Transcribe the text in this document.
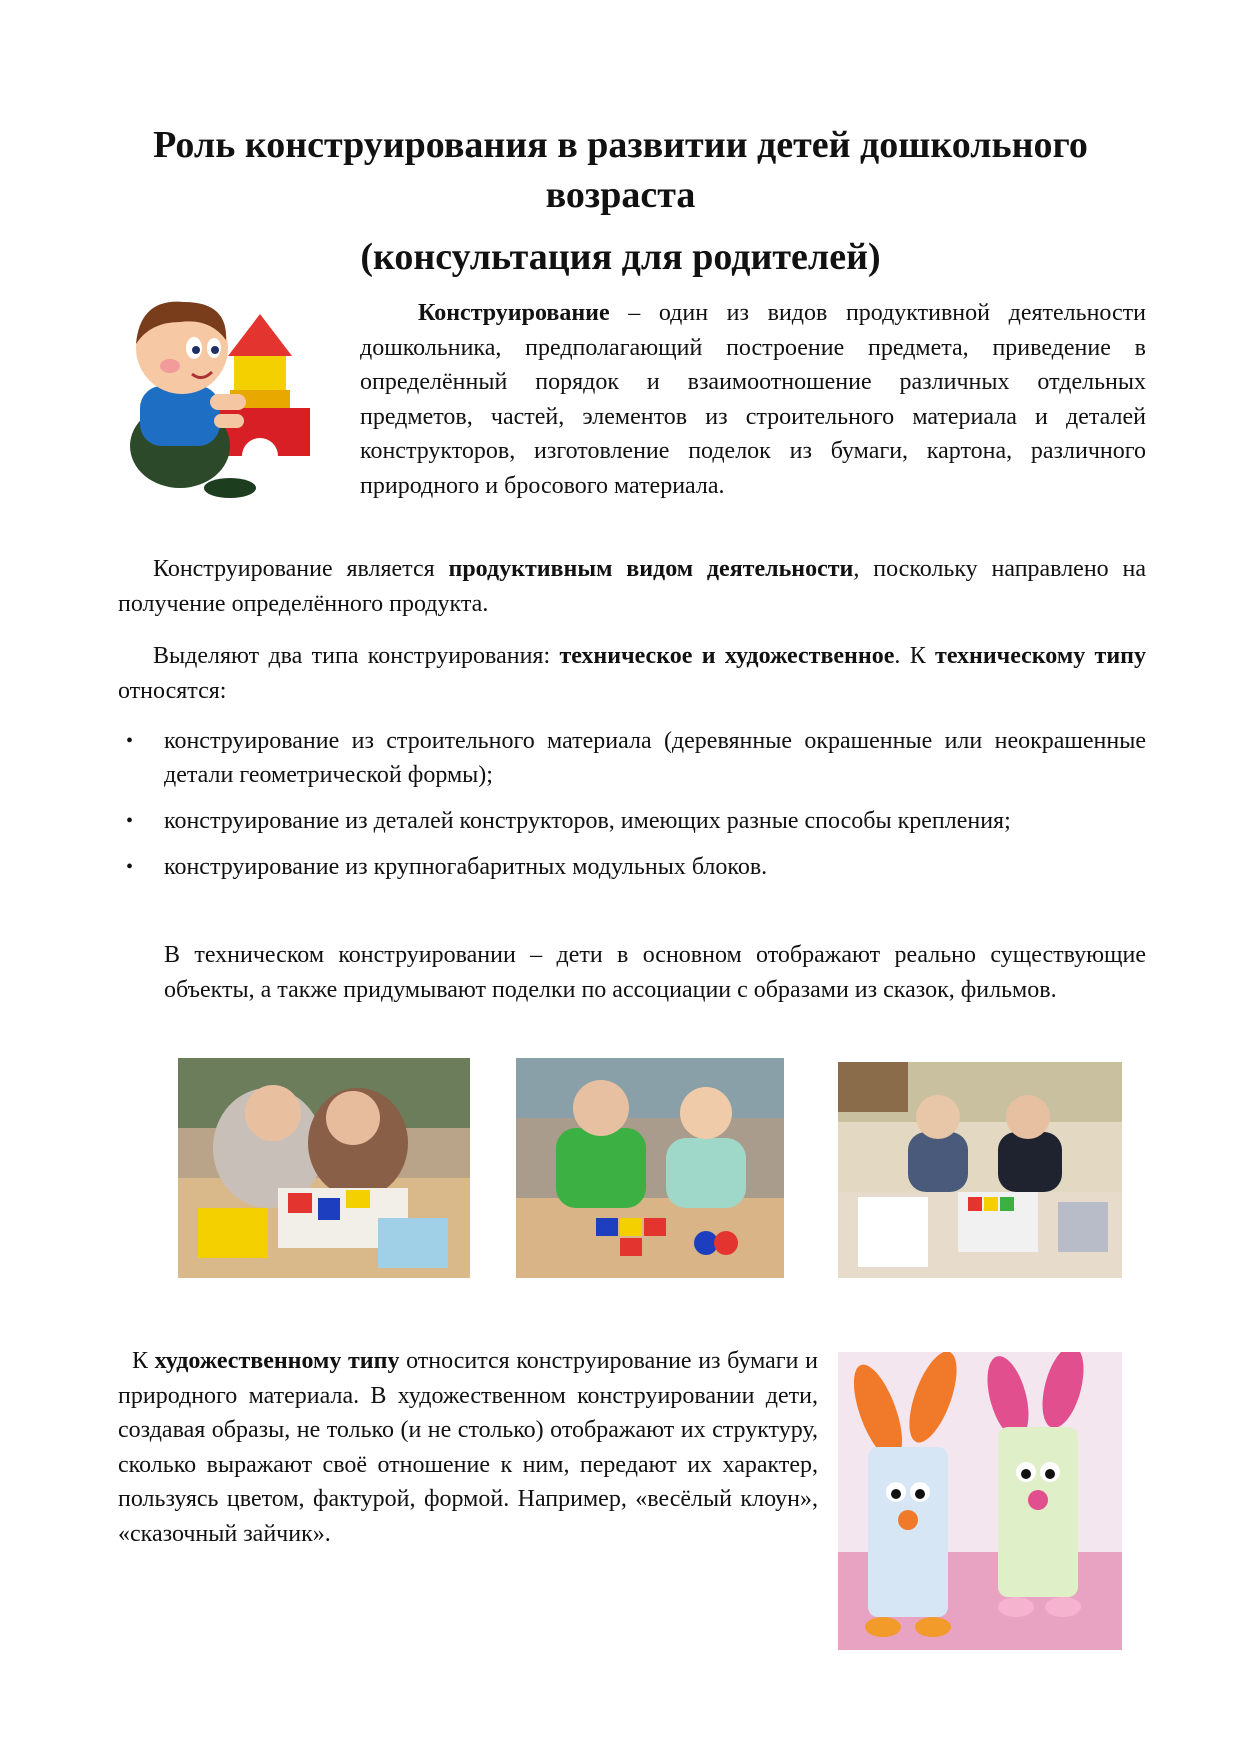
Роль конструирования в развитии детей дошкольного возраста
(консультация для родителей)

Конструирование – один из видов продуктивной деятельности дошкольника, предполагающий построение предмета, приведение в определённый порядок и взаимоотношение различных отдельных предметов, частей, элементов из строительного материала и деталей конструкторов, изготовление поделок из бумаги, картона, различного природного и бросового материала.

Конструирование является продуктивным видом деятельности, поскольку направлено на получение определённого продукта.

Выделяют два типа конструирования: техническое и художественное. К техническому типу относятся:

• конструирование из строительного материала (деревянные окрашенные или неокрашенные детали геометрической формы);
• конструирование из деталей конструкторов, имеющих разные способы крепления;
• конструирование из крупногабаритных модульных блоков.

В техническом конструировании – дети в основном отображают реально существующие объекты, а также придумывают поделки по ассоциации с образами из сказок, фильмов.

К художественному типу относится конструирование из бумаги и природного материала. В художественном конструировании дети, создавая образы, не только (и не столько) отображают их структуру, сколько выражают своё отношение к ним, передают их характер, пользуясь цветом, фактурой, формой. Например, «весёлый клоун», «сказочный зайчик».
